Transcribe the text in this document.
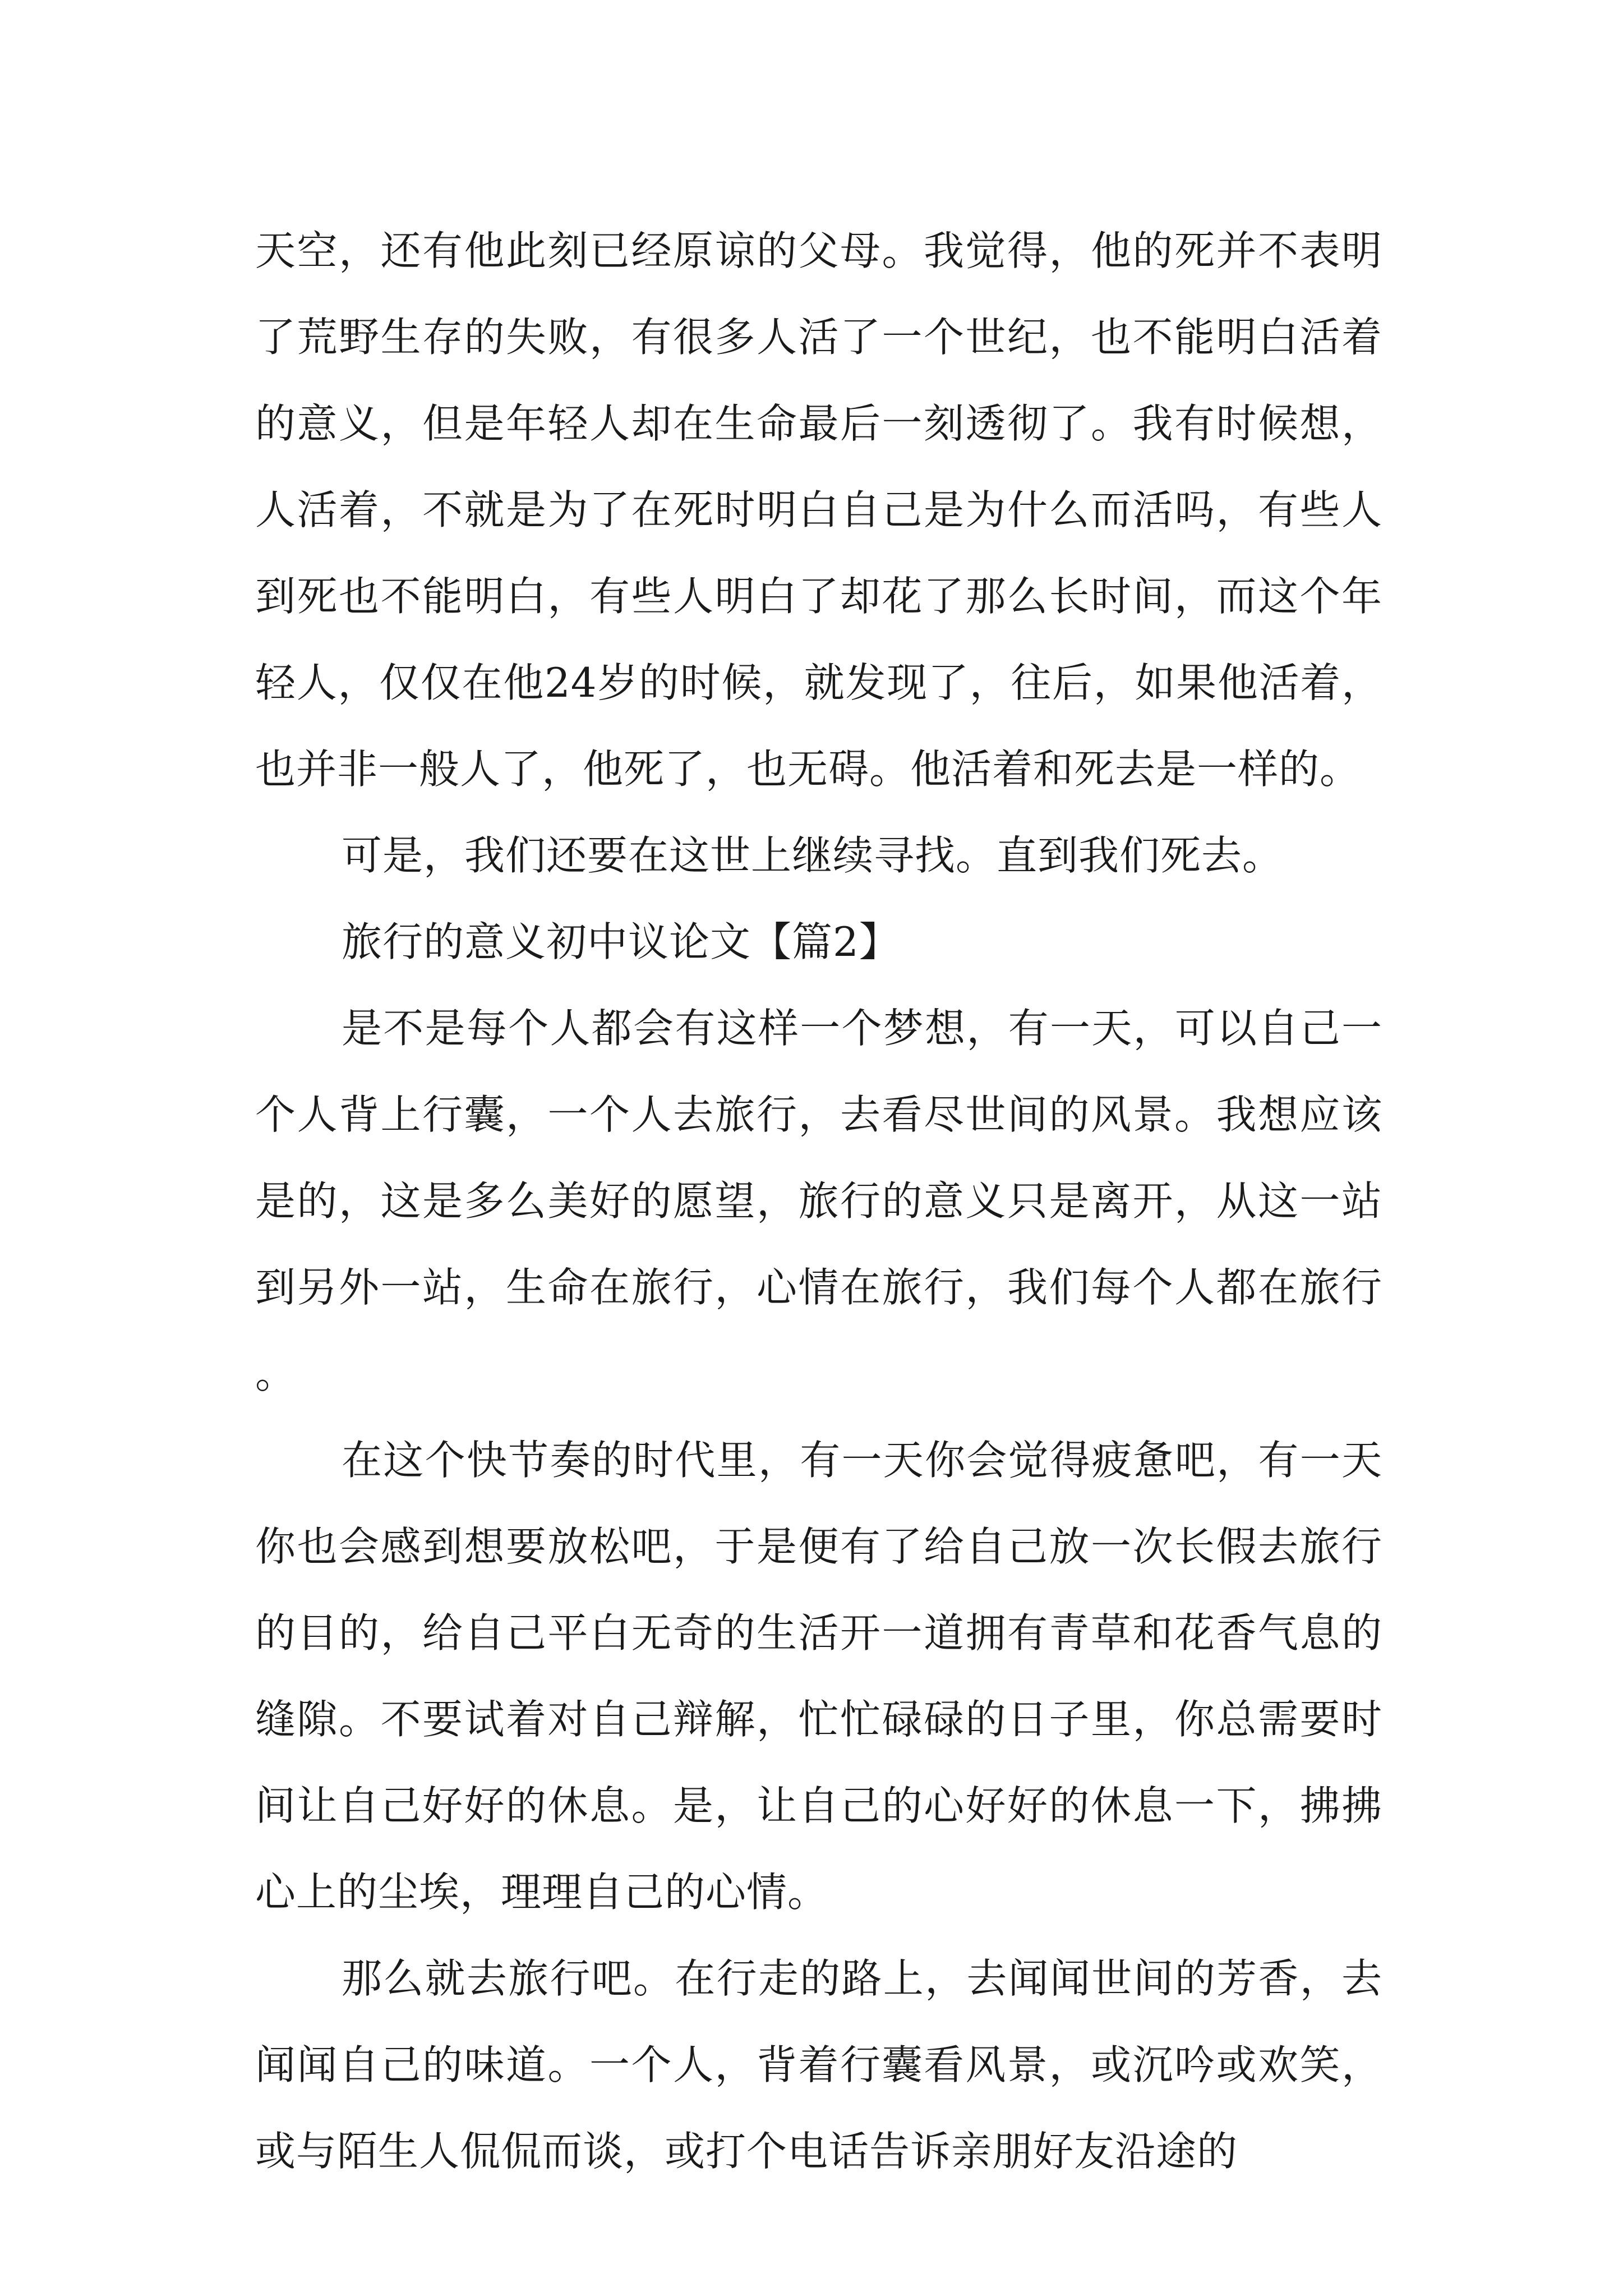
天空，还有他此刻已经原谅的父母。我觉得，他的死并不表明了荒野生存的失败，有很多人活了一个世纪，也不能明白活着的意义，但是年轻人却在生命最后一刻透彻了。我有时候想，人活着，不就是为了在死时明白自己是为什么而活吗，有些人到死也不能明白，有些人明白了却花了那么长时间，而这个年轻人，仅仅在他24岁的时候，就发现了，往后，如果他活着，也并非一般人了，他死了，也无碍。他活着和死去是一样的。

可是，我们还要在这世上继续寻找。直到我们死去。

旅行的意义初中议论文【篇2】

是不是每个人都会有这样一个梦想，有一天，可以自己一个人背上行囊，一个人去旅行，去看尽世间的风景。我想应该是的，这是多么美好的愿望，旅行的意义只是离开，从这一站到另外一站，生命在旅行，心情在旅行，我们每个人都在旅行。

在这个快节奏的时代里，有一天你会觉得疲惫吧，有一天你也会感到想要放松吧，于是便有了给自己放一次长假去旅行的目的，给自己平白无奇的生活开一道拥有青草和花香气息的缝隙。不要试着对自己辩解，忙忙碌碌的日子里，你总需要时间让自己好好的休息。是，让自己的心好好的休息一下，拂拂心上的尘埃，理理自己的心情。

那么就去旅行吧。在行走的路上，去闻闻世间的芳香，去闻闻自己的味道。一个人，背着行囊看风景，或沉吟或欢笑，或与陌生人侃侃而谈，或打个电话告诉亲朋好友沿途的
